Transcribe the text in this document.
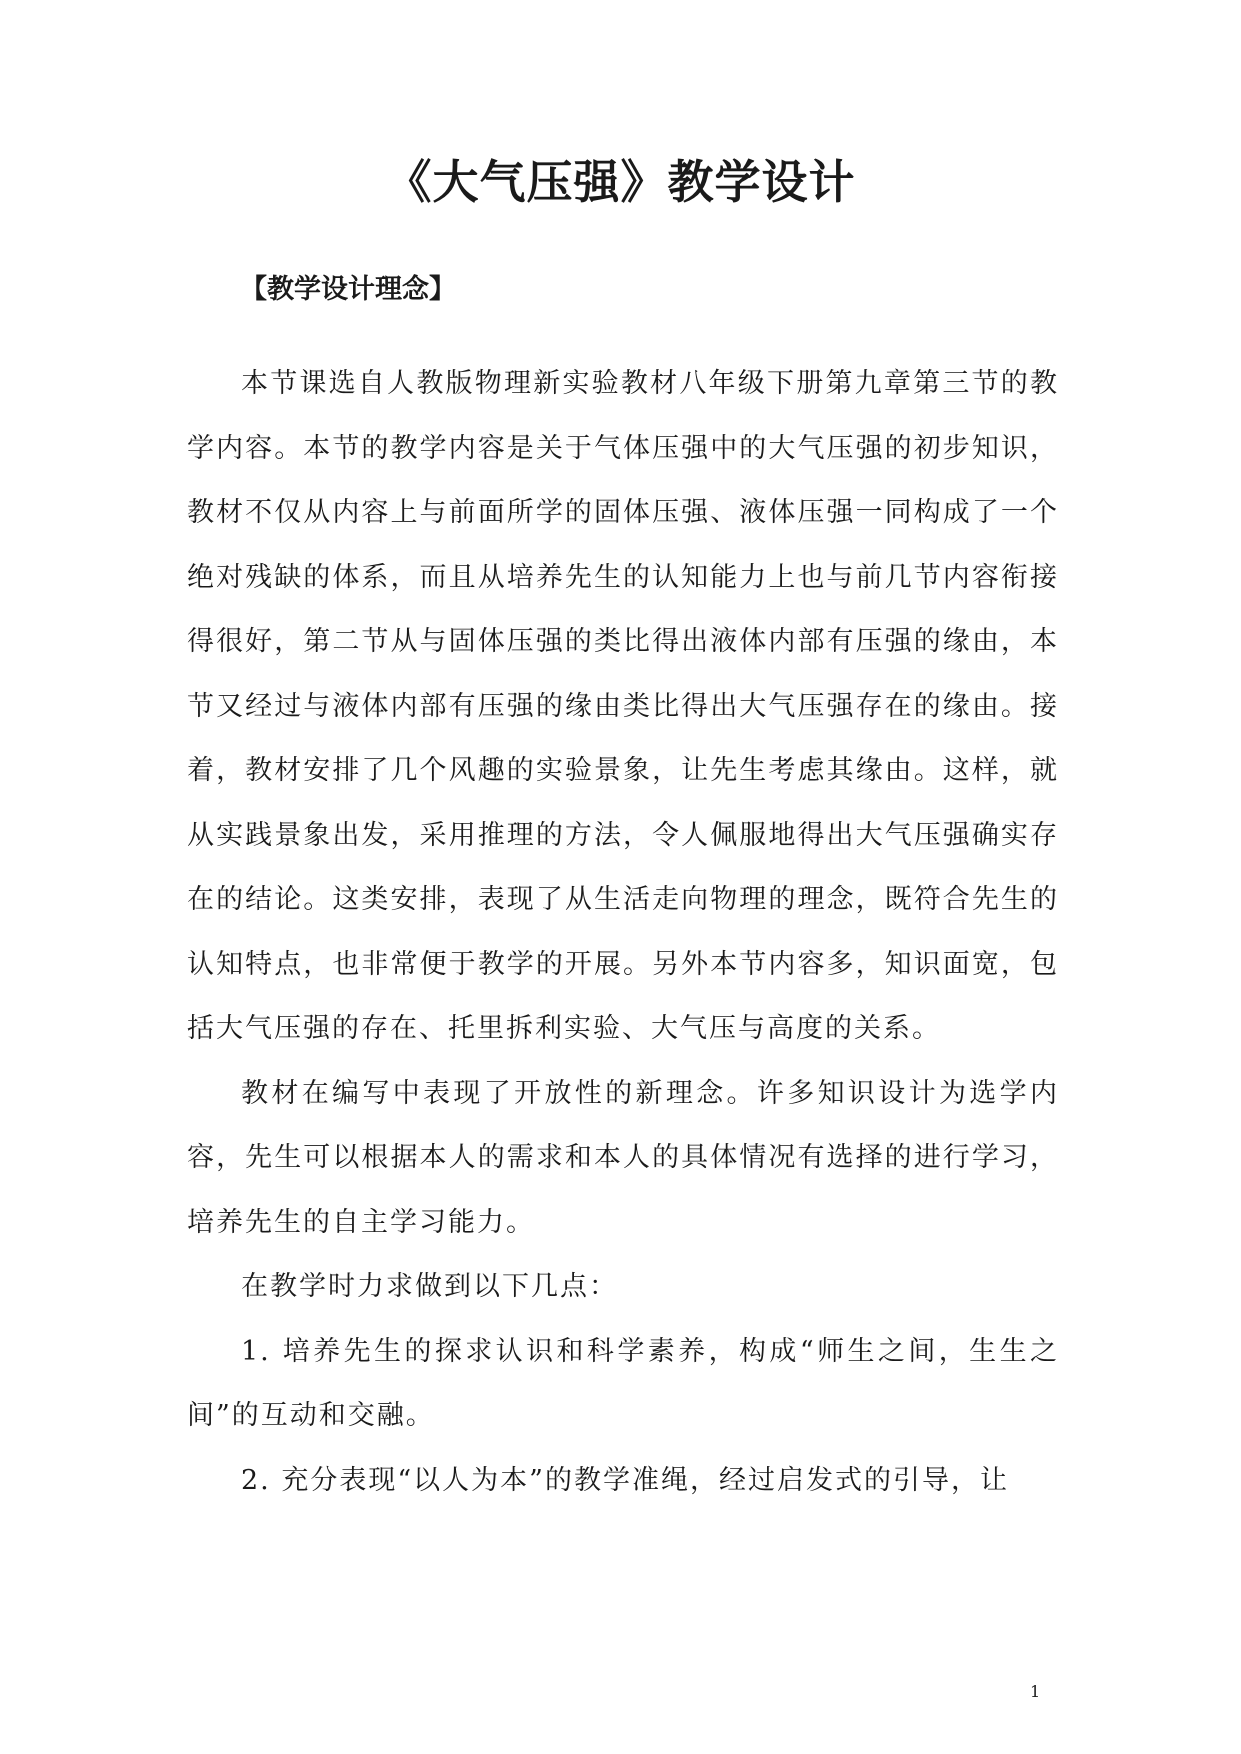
《大气压强》教学设计
【教学设计理念】

本节课选自人教版物理新实验教材八年级下册第九章第三节的教学内容。本节的教学内容是关于气体压强中的大气压强的初步知识，教材不仅从内容上与前面所学的固体压强、液体压强一同构成了一个绝对残缺的体系，而且从培养先生的认知能力上也与前几节内容衔接得很好，第二节从与固体压强的类比得出液体内部有压强的缘由，本节又经过与液体内部有压强的缘由类比得出大气压强存在的缘由。接着，教材安排了几个风趣的实验景象，让先生考虑其缘由。这样，就从实践景象出发，采用推理的方法，令人佩服地得出大气压强确实存在的结论。这类安排，表现了从生活走向物理的理念，既符合先生的认知特点，也非常便于教学的开展。另外本节内容多，知识面宽，包括大气压强的存在、托里拆利实验、大气压与高度的关系。

教材在编写中表现了开放性的新理念。许多知识设计为选学内容，先生可以根据本人的需求和本人的具体情况有选择的进行学习，培养先生的自主学习能力。

在教学时力求做到以下几点：

1. 培养先生的探求认识和科学素养，构成“师生之间，生生之间”的互动和交融。

2. 充分表现“以人为本”的教学准绳，经过启发式的引导，让

1
